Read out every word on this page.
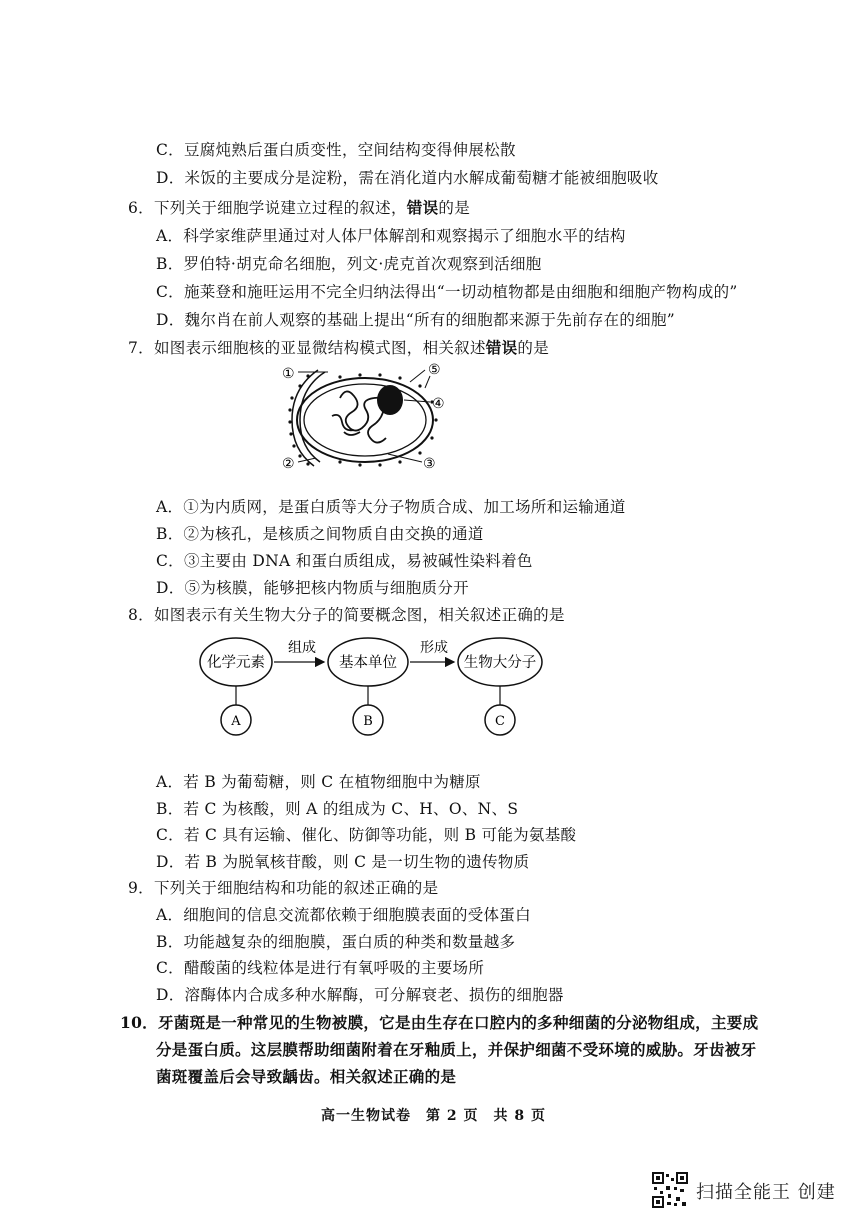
C．豆腐炖熟后蛋白质变性，空间结构变得伸展松散
D．米饭的主要成分是淀粉，需在消化道内水解成葡萄糖才能被细胞吸收
6．下列关于细胞学说建立过程的叙述，错误的是
A．科学家维萨里通过对人体尸体解剖和观察揭示了细胞水平的结构
B．罗伯特·胡克命名细胞，列文·虎克首次观察到活细胞
C．施莱登和施旺运用不完全归纳法得出“一切动植物都是由细胞和细胞产物构成的”
D．魏尔肖在前人观察的基础上提出“所有的细胞都来源于先前存在的细胞”
7．如图表示细胞核的亚显微结构模式图，相关叙述错误的是
①
②	③
④
⑤
A．①为内质网，是蛋白质等大分子物质合成、加工场所和运输通道
B．②为核孔，是核质之间物质自由交换的通道
C．③主要由 DNA 和蛋白质组成，易被碱性染料着色
D．⑤为核膜，能够把核内物质与细胞质分开
8．如图表示有关生物大分子的简要概念图，相关叙述正确的是
化学元素	基本单位	生物大分子
组成	形成
A	B	C
A．若 B 为葡萄糖，则 C 在植物细胞中为糖原
B．若 C 为核酸，则 A 的组成为 C、H、O、N、S
C．若 C 具有运输、催化、防御等功能，则 B 可能为氨基酸
D．若 B 为脱氧核苷酸，则 C 是一切生物的遗传物质
9．下列关于细胞结构和功能的叙述正确的是
A．细胞间的信息交流都依赖于细胞膜表面的受体蛋白
B．功能越复杂的细胞膜，蛋白质的种类和数量越多
C．醋酸菌的线粒体是进行有氧呼吸的主要场所
D．溶酶体内合成多种水解酶，可分解衰老、损伤的细胞器
10．牙菌斑是一种常见的生物被膜，它是由生存在口腔内的多种细菌的分泌物组成，主要成
分是蛋白质。这层膜帮助细菌附着在牙釉质上，并保护细菌不受环境的威胁。牙齿被牙
菌斑覆盖后会导致龋齿。相关叙述正确的是
高一生物试卷　第 2 页　共 8 页
扫描全能王 创建
